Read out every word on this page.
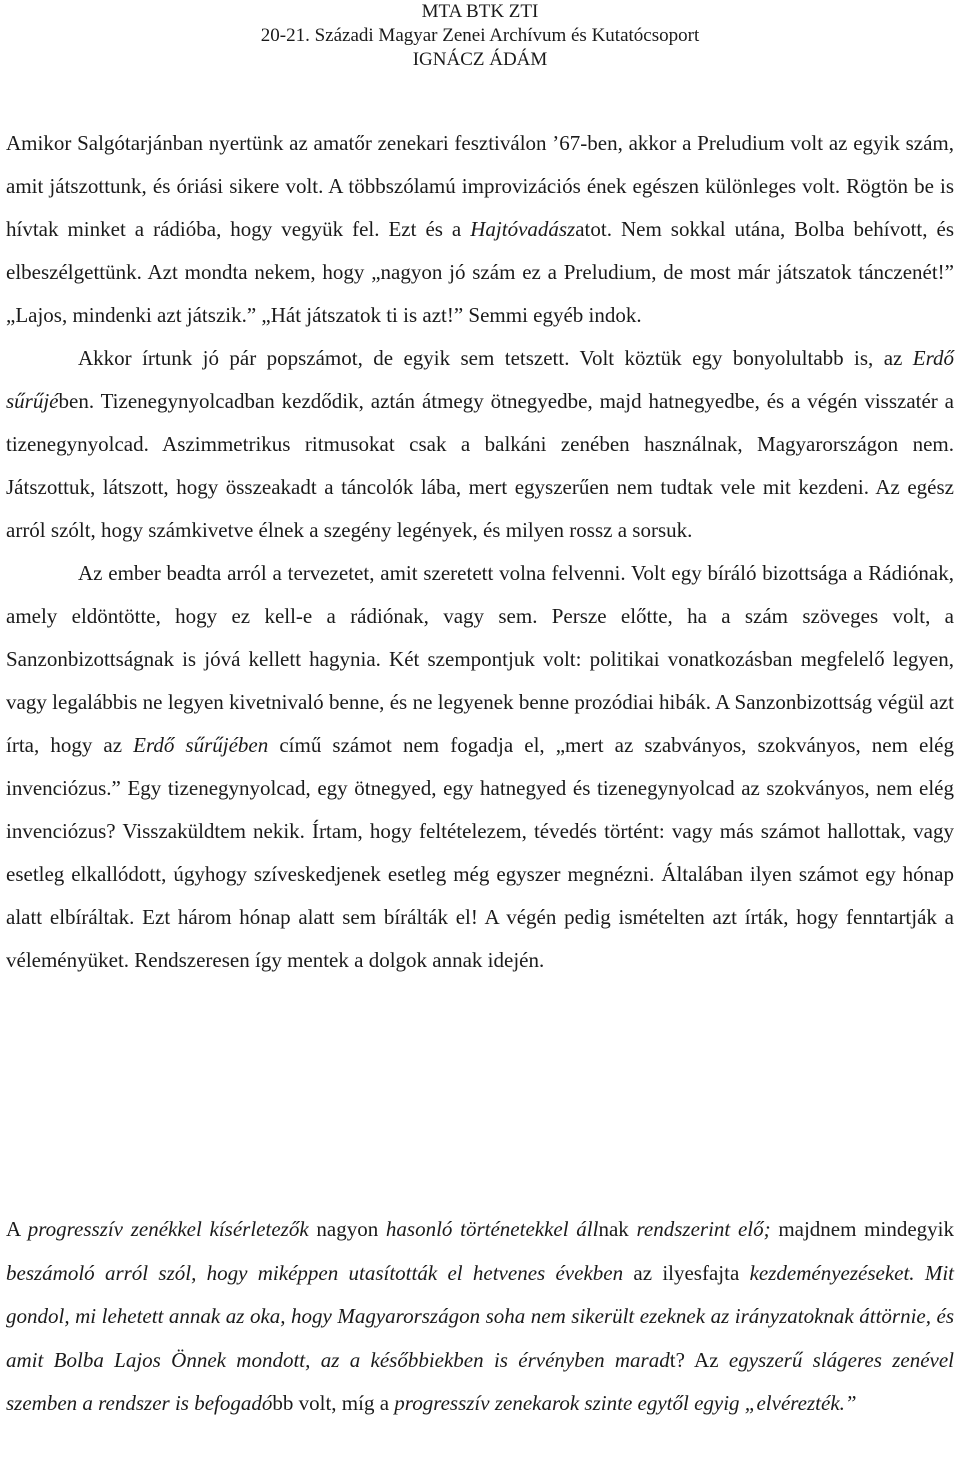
MTA BTK ZTI
20-21. Századi Magyar Zenei Archívum és Kutatócsoport
IGNÁCZ ÁDÁM

Amikor Salgótarjánban nyertünk az amatőr zenekari fesztiválon ’67-ben, akkor a Preludium volt az egyik szám, amit játszottunk, és óriási sikere volt. A többszólamú improvizációs ének egészen különleges volt. Rögtön be is hívtak minket a rádióba, hogy vegyük fel. Ezt és a Hajtóvadászatot. Nem sokkal utána, Bolba behívott, és elbeszélgettünk. Azt mondta nekem, hogy „nagyon jó szám ez a Preludium, de most már játszatok tánczenét!” „Lajos, mindenki azt játszik.” „Hát játszatok ti is azt!” Semmi egyéb indok.

Akkor írtunk jó pár popszámot, de egyik sem tetszett. Volt köztük egy bonyolultabb is, az Erdő sűrűjében. Tizenegynyolcadban kezdődik, aztán átmegy ötnegyedbe, majd hatnegyedbe, és a végén visszatér a tizenegynyolcad. Aszimmetrikus ritmusokat csak a balkáni zenében használnak, Magyarországon nem. Játszottuk, látszott, hogy összeakadt a táncolók lába, mert egyszerűen nem tudtak vele mit kezdeni. Az egész arról szólt, hogy számkivetve élnek a szegény legények, és milyen rossz a sorsuk.

Az ember beadta arról a tervezetet, amit szeretett volna felvenni. Volt egy bíráló bizottsága a Rádiónak, amely eldöntötte, hogy ez kell-e a rádiónak, vagy sem. Persze előtte, ha a szám szöveges volt, a Sanzonbizottságnak is jóvá kellett hagynia. Két szempontjuk volt: politikai vonatkozásban megfelelő legyen, vagy legalábbis ne legyen kivetnivaló benne, és ne legyenek benne prozódiai hibák. A Sanzonbizottság végül azt írta, hogy az Erdő sűrűjében című számot nem fogadja el, „mert az szabványos, szokványos, nem elég invenciózus.” Egy tizenegynyolcad, egy ötnegyed, egy hatnegyed és tizenegynyolcad az szokványos, nem elég invenciózus? Visszaküldtem nekik. Írtam, hogy feltételezem, tévedés történt: vagy más számot hallottak, vagy esetleg elkallódott, úgyhogy szíveskedjenek esetleg még egyszer megnézni. Általában ilyen számot egy hónap alatt elbíráltak. Ezt három hónap alatt sem bírálták el! A végén pedig ismételten azt írták, hogy fenntartják a véleményüket. Rendszeresen így mentek a dolgok annak idején.

A progresszív zenékkel kísérletezők nagyon hasonló történetekkel állnak rendszerint elő; majdnem mindegyik beszámoló arról szól, hogy miképpen utasították el hetvenes években az ilyesfajta kezdeményezéseket. Mit gondol, mi lehetett annak az oka, hogy Magyarországon soha nem sikerült ezeknek az irányzatoknak áttörnie, és amit Bolba Lajos Önnek mondott, az a későbbiekben is érvényben maradt? Az egyszerű slágeres zenével szemben a rendszer is befogadóbb volt, míg a progresszív zenekarok szinte egytől egyig „elvérezték.”
